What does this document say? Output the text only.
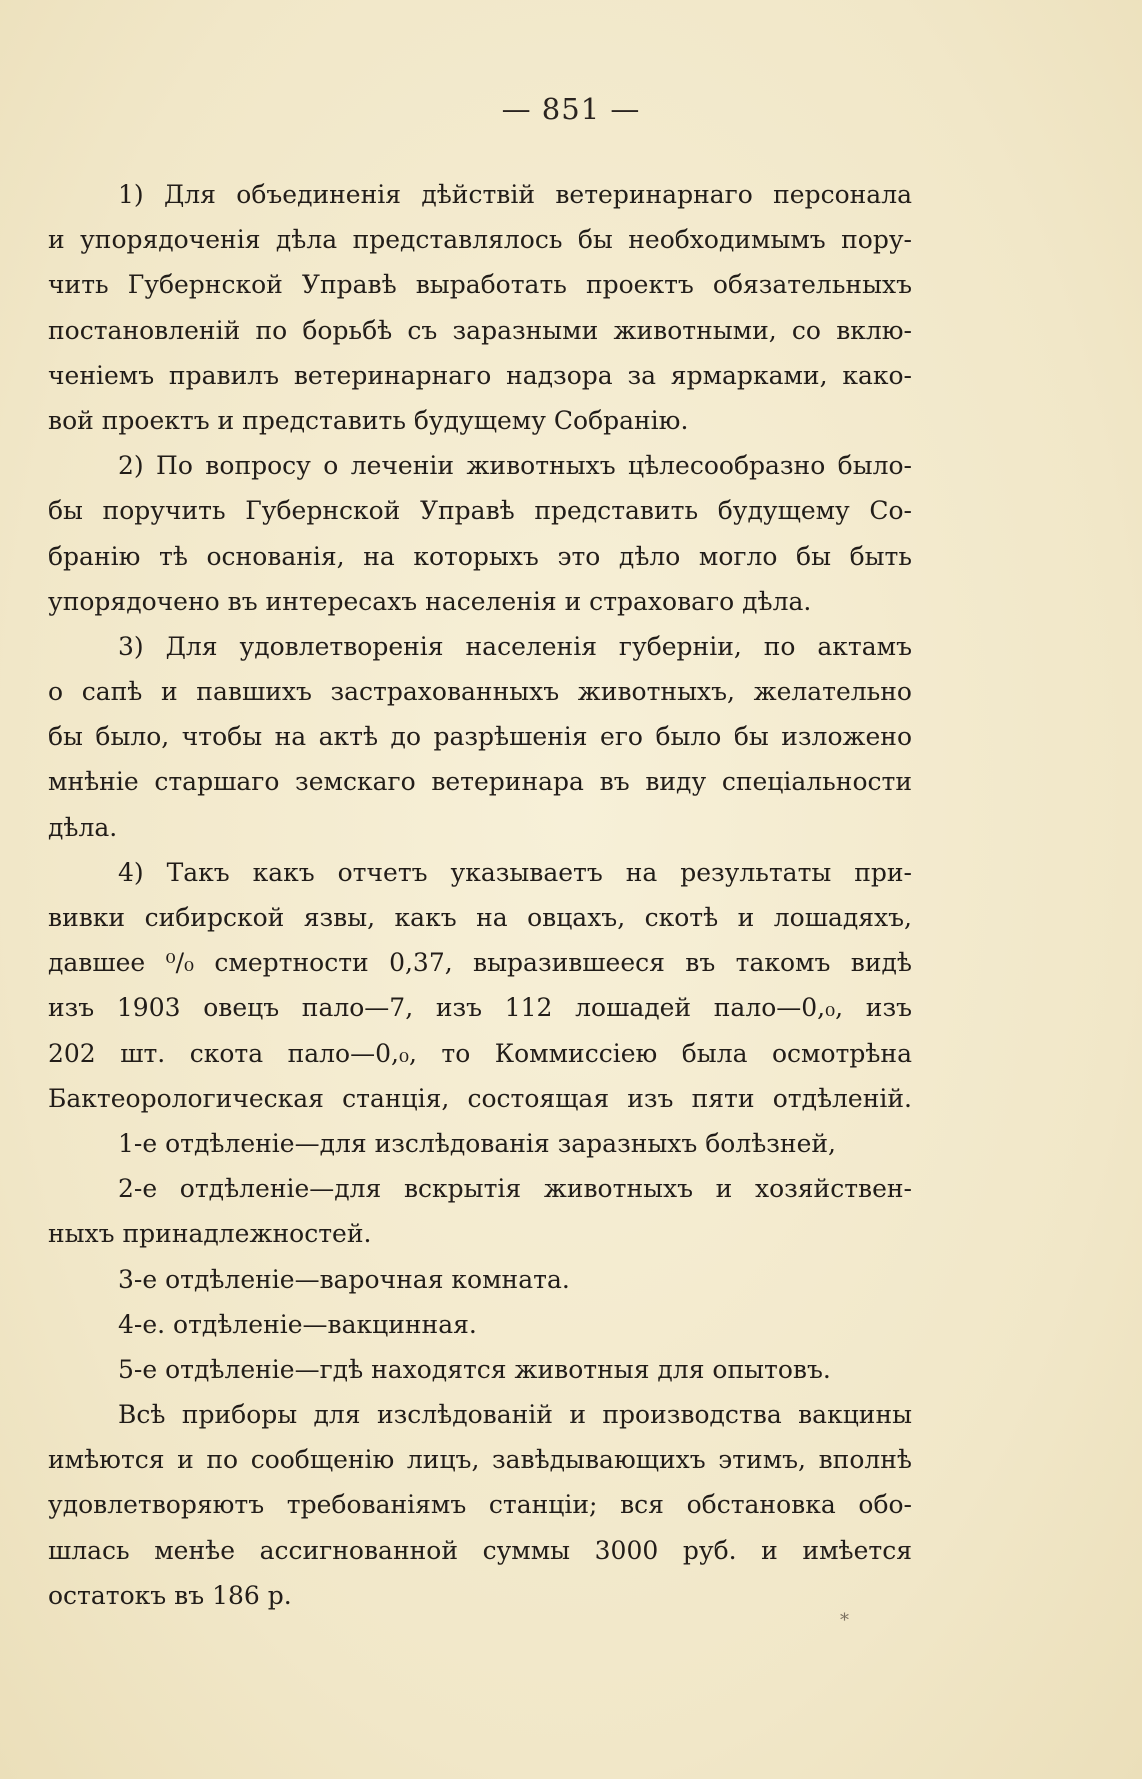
— 851 —
1) Для объединенія дѣйствій ветеринарнаго персонала
и упорядоченія дѣла представлялось бы необходимымъ пору-
чить Губернской Управѣ выработать проектъ обязательныхъ
постановленій по борьбѣ съ заразными животными, со вклю-
ченіемъ правилъ ветеринарнаго надзора за ярмарками, како-
вой проектъ и представить будущему Собранію.
2) По вопросу о леченіи животныхъ цѣлесообразно было-
бы поручить Губернской Управѣ представить будущему Со-
бранію тѣ основанія, на которыхъ это дѣло могло бы быть
упорядочено въ интересахъ населенія и страховаго дѣла.
3) Для удовлетворенія населенія губерніи, по актамъ
о сапѣ и павшихъ застрахованныхъ животныхъ, желательно
бы было, чтобы на актѣ до разрѣшенія его было бы изложено
мнѣніе старшаго земскаго ветеринара въ виду спеціальности
дѣла.
4) Такъ какъ отчетъ указываетъ на результаты при-
вивки сибирской язвы, какъ на овцахъ, скотѣ и лошадяхъ,
давшее ⁰/₀ смертности 0,37, выразившееся въ такомъ видѣ
изъ 1903 овецъ пало—7, изъ 112 лошадей пало—0,₀, изъ
202 шт. скота пало—0,₀, то Коммиссіею была осмотрѣна
Бактеорологическая станція, состоящая изъ пяти отдѣленій.
1-е отдѣленіе—для изслѣдованія заразныхъ болѣзней,
2-е отдѣленіе—для вскрытія животныхъ и хозяйствен-
ныхъ принадлежностей.
3-е отдѣленіе—варочная комната.
4-е. отдѣленіе—вакцинная.
5-е отдѣленіе—гдѣ находятся животныя для опытовъ.
Всѣ приборы для изслѣдованій и производства вакцины
имѣются и по сообщенію лицъ, завѣдывающихъ этимъ, вполнѣ
удовлетворяютъ требованіямъ станціи; вся обстановка обо-
шлась менѣе ассигнованной суммы 3000 руб. и имѣется
остатокъ въ 186 р.
*
